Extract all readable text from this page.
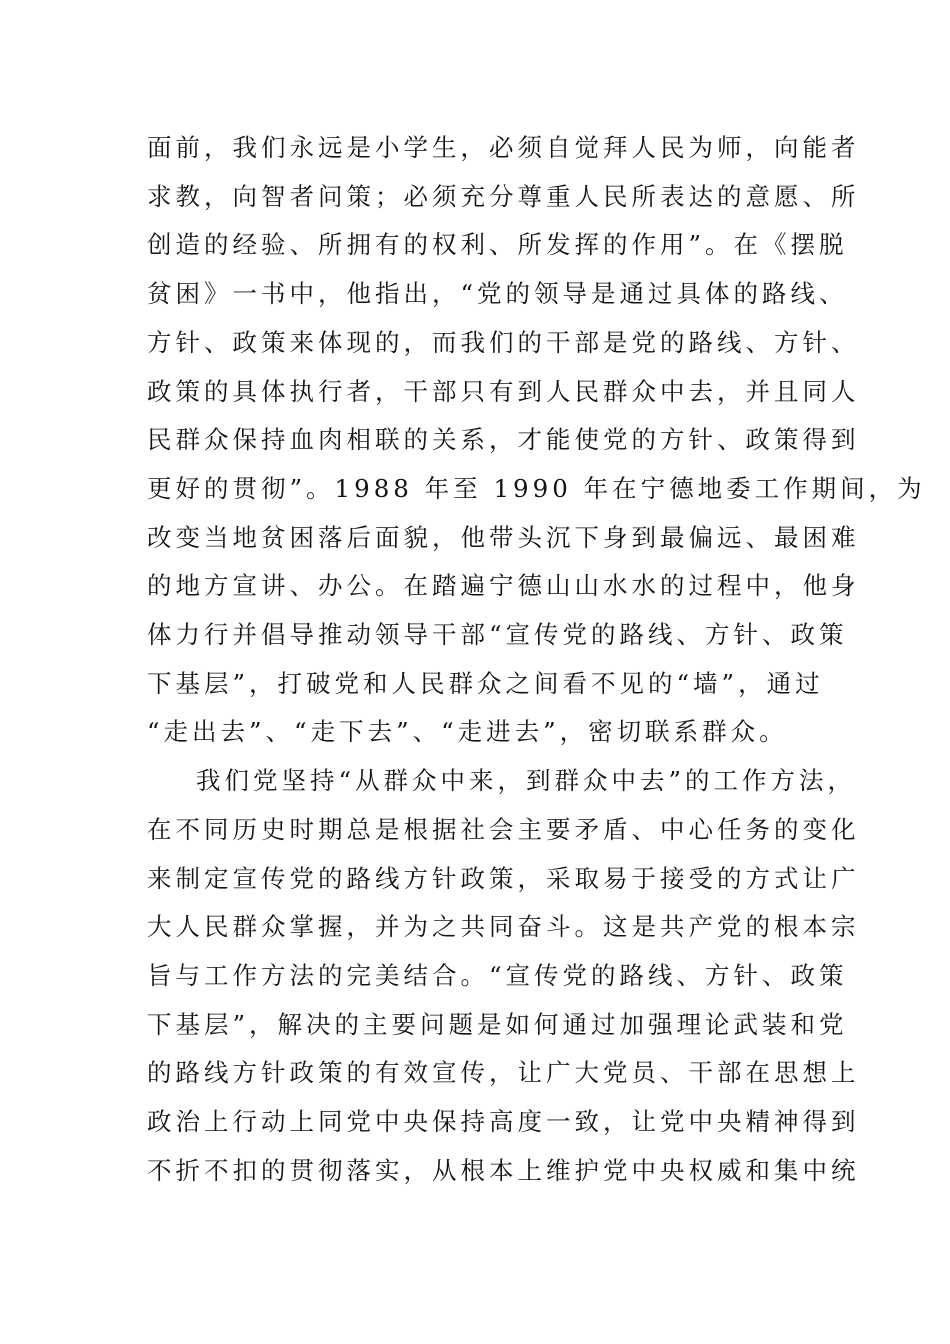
面前，我们永远是小学生，必须自觉拜人民为师，向能者
求教，向智者问策；必须充分尊重人民所表达的意愿、所
创造的经验、所拥有的权利、所发挥的作用”。在《摆脱
贫困》一书中，他指出，“党的领导是通过具体的路线、
方针、政策来体现的，而我们的干部是党的路线、方针、
政策的具体执行者，干部只有到人民群众中去，并且同人
民群众保持血肉相联的关系，才能使党的方针、政策得到
更好的贯彻”。1988 年至 1990 年在宁德地委工作期间，为
改变当地贫困落后面貌，他带头沉下身到最偏远、最困难
的地方宣讲、办公。在踏遍宁德山山水水的过程中，他身
体力行并倡导推动领导干部“宣传党的路线、方针、政策
下基层”，打破党和人民群众之间看不见的“墙”，通过
“走出去”、“走下去”、“走进去”，密切联系群众。
我们党坚持“从群众中来，到群众中去”的工作方法，
在不同历史时期总是根据社会主要矛盾、中心任务的变化
来制定宣传党的路线方针政策，采取易于接受的方式让广
大人民群众掌握，并为之共同奋斗。这是共产党的根本宗
旨与工作方法的完美结合。“宣传党的路线、方针、政策
下基层”，解决的主要问题是如何通过加强理论武装和党
的路线方针政策的有效宣传，让广大党员、干部在思想上
政治上行动上同党中央保持高度一致，让党中央精神得到
不折不扣的贯彻落实，从根本上维护党中央权威和集中统
